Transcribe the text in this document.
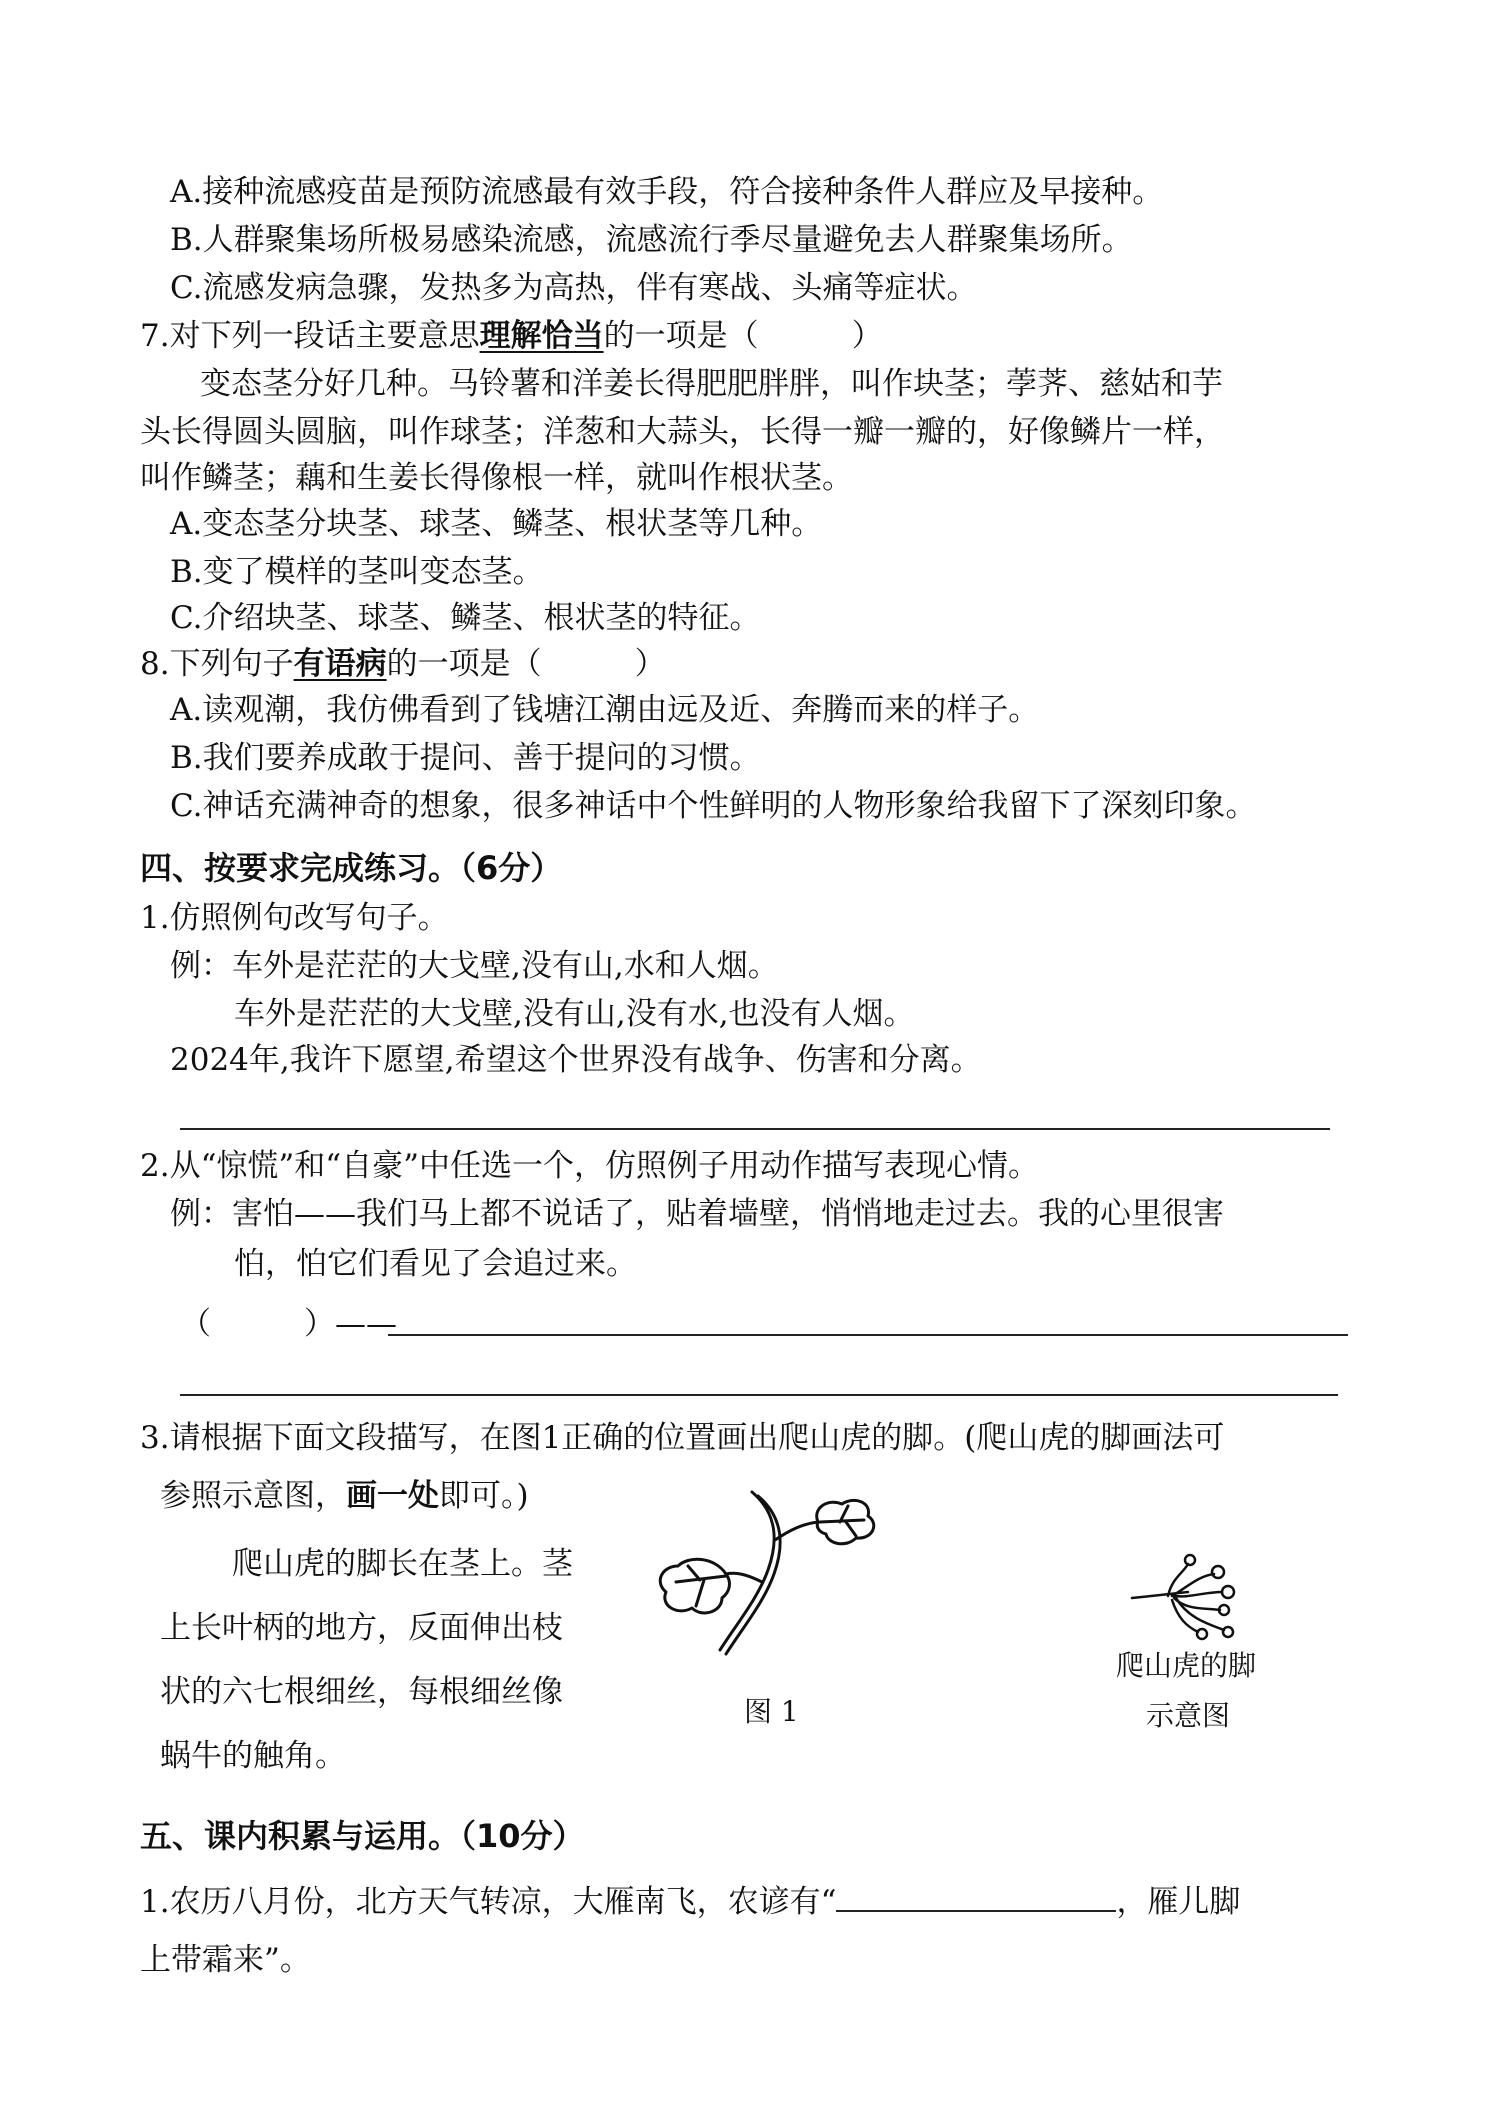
A.接种流感疫苗是预防流感最有效手段，符合接种条件人群应及早接种。
B.人群聚集场所极易感染流感，流感流行季尽量避免去人群聚集场所。
C.流感发病急骤，发热多为高热，伴有寒战、头痛等症状。
7.对下列一段话主要意思理解恰当的一项是（　　　）
变态茎分好几种。马铃薯和洋姜长得肥肥胖胖，叫作块茎；荸荠、慈姑和芋
头长得圆头圆脑，叫作球茎；洋葱和大蒜头，长得一瓣一瓣的，好像鳞片一样，
叫作鳞茎；藕和生姜长得像根一样，就叫作根状茎。
A.变态茎分块茎、球茎、鳞茎、根状茎等几种。
B.变了模样的茎叫变态茎。
C.介绍块茎、球茎、鳞茎、根状茎的特征。
8.下列句子有语病的一项是（　　　）
A.读观潮，我仿佛看到了钱塘江潮由远及近、奔腾而来的样子。
B.我们要养成敢于提问、善于提问的习惯。
C.神话充满神奇的想象，很多神话中个性鲜明的人物形象给我留下了深刻印象。
四、按要求完成练习。（6分）
1.仿照例句改写句子。
例：车外是茫茫的大戈壁,没有山,水和人烟。
车外是茫茫的大戈壁,没有山,没有水,也没有人烟。
2024年,我许下愿望,希望这个世界没有战争、伤害和分离。
2.从“惊慌”和“自豪”中任选一个，仿照例子用动作描写表现心情。
例：害怕——我们马上都不说话了，贴着墙壁，悄悄地走过去。我的心里很害
怕，怕它们看见了会追过来。
（　　　）——
3.请根据下面文段描写，在图1正确的位置画出爬山虎的脚。(爬山虎的脚画法可
参照示意图，画一处即可。)
爬山虎的脚长在茎上。茎
上长叶柄的地方，反面伸出枝
状的六七根细丝，每根细丝像
蜗牛的触角。
图 1
爬山虎的脚
示意图
五、课内积累与运用。（10分）
1.农历八月份，北方天气转凉，大雁南飞，农谚有“	，雁儿脚
上带霜来”。
